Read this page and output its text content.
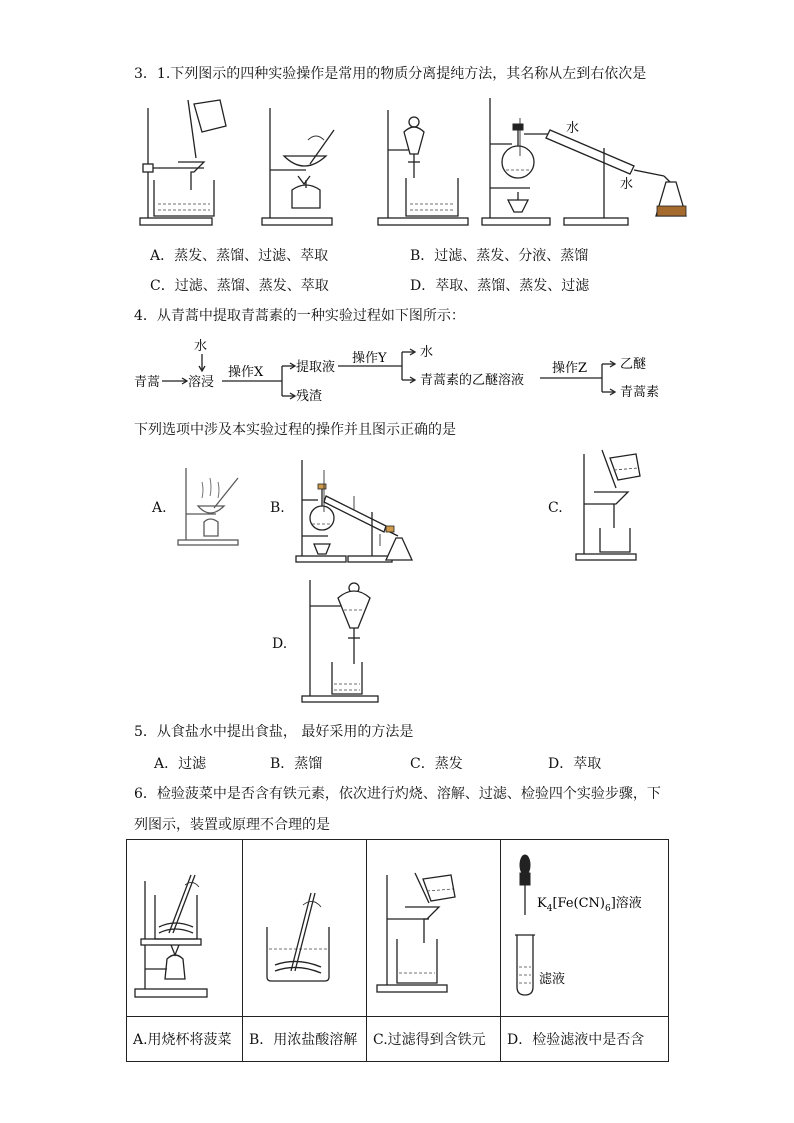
3．1.下列图示的四种实验操作是常用的物质分离提纯方法，其名称从左到右依次是
水
水
A．蒸发、蒸馏、过滤、萃取	B．过滤、蒸发、分液、蒸馏
C．过滤、蒸馏、蒸发、萃取	D．萃取、蒸馏、蒸发、过滤
4．从青蒿中提取青蒿素的一种实验过程如下图所示：
青蒿
水
溶浸
操作X	提取液
残渣
操作Y	水
青蒿素的乙醚溶液
操作Z	乙醚
青蒿素
下列选项中涉及本实验过程的操作并且图示正确的是
A.	B.	C.
D.
5．从食盐水中提出食盐， 最好采用的方法是
A．过滤	B．蒸馏	C．蒸发	D．萃取
6．检验菠菜中是否含有铁元素，依次进行灼烧、溶解、过滤、检验四个实验步骤，下
列图示，装置或原理不合理的是

$K_4[Fe(CN)_6]$溶液
滤液

A.用烧杯将菠菜	B．用浓盐酸溶解	C.过滤得到含铁元	D．检验滤液中是否含
